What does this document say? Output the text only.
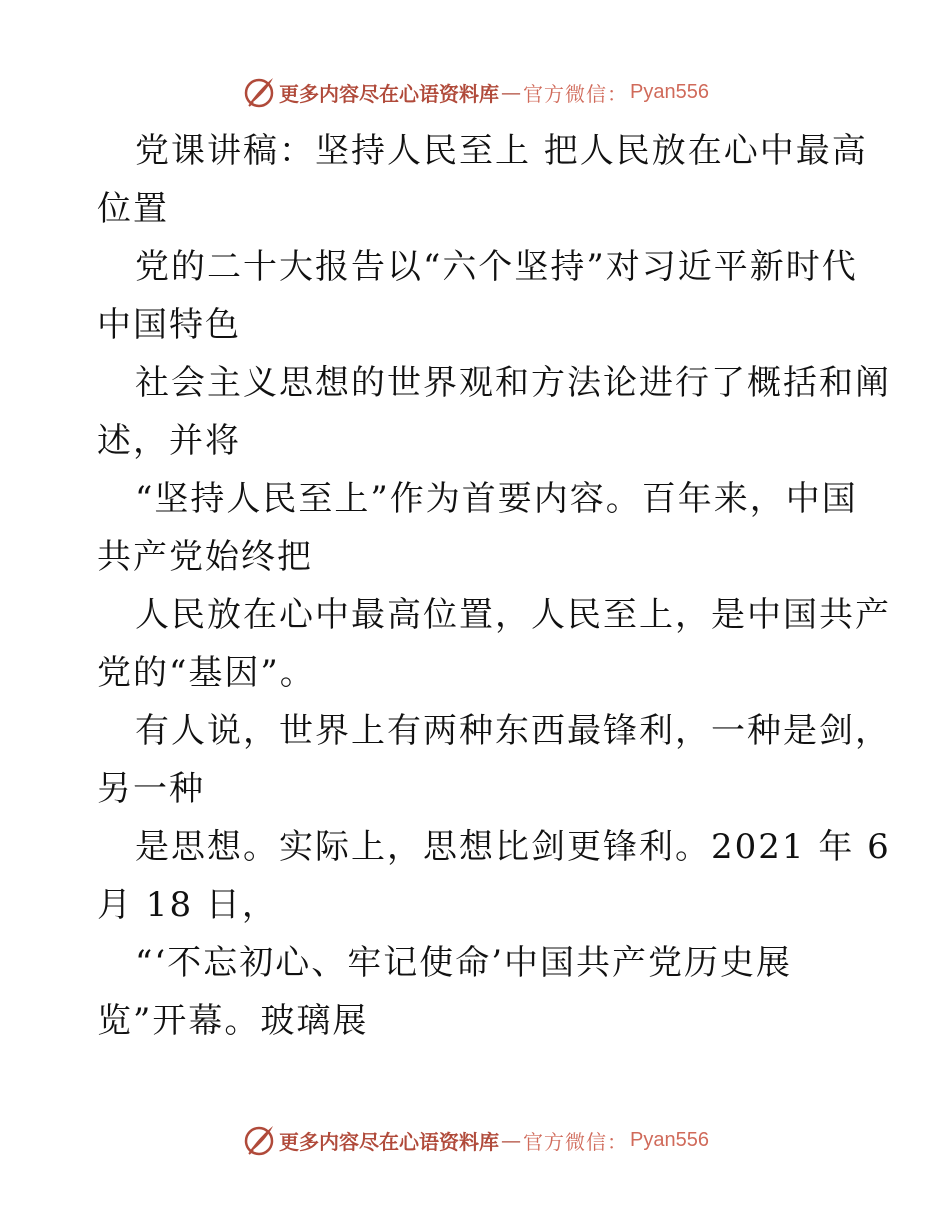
更多内容尽在心语资料库 — 官方微信： Pyan556
党课讲稿：坚持人民至上 把人民放在心中最高
位置
党的二十大报告以“六个坚持”对习近平新时代
中国特色
社会主义思想的世界观和方法论进行了概括和阐
述，并将
“坚持人民至上”作为首要内容。百年来，中国
共产党始终把
人民放在心中最高位置，人民至上，是中国共产
党的“基因”。
有人说，世界上有两种东西最锋利，一种是剑，
另一种
是思想。实际上，思想比剑更锋利。2021 年 6
月 18 日，
“‘不忘初心、牢记使命’中国共产党历史展
览”开幕。玻璃展
更多内容尽在心语资料库 — 官方微信： Pyan556
